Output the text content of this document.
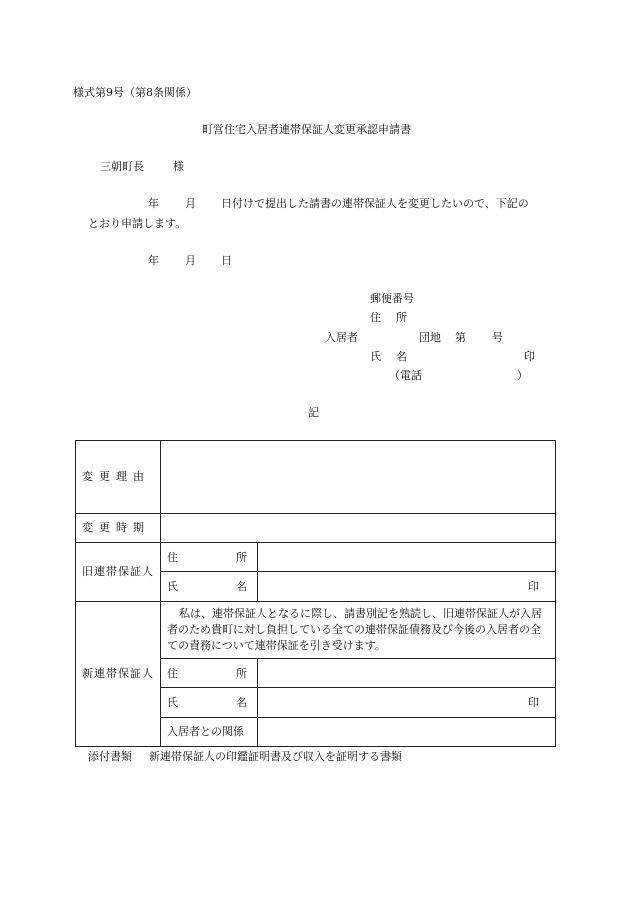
様式第9号（第8条関係）
町営住宅入居者連帯保証人変更承認申請書
三朝町長	様
年 月 日付けで提出した請書の連帯保証人を変更したいので、下記の
とおり申請します。
年 月 日
郵便番号
住 所
入居者	団地 第 号
氏 名	印
（電話	）
記
変更理由		
変更時期		
旧連帯保証人	住 所	

	氏 名	印
新連帯保証人	私は、連帯保証人となるに際し、請書別記を熟読し、旧連帯保証人が入居者のため貴町に対し負担している全ての連帯保証債務及び今後の入居者の全ての責務について連帯保証を引き受けます。	

	住 所	

	氏 名	印
	入居者との関係	
添付書類 新連帯保証人の印鑑証明書及び収入を証明する書類
